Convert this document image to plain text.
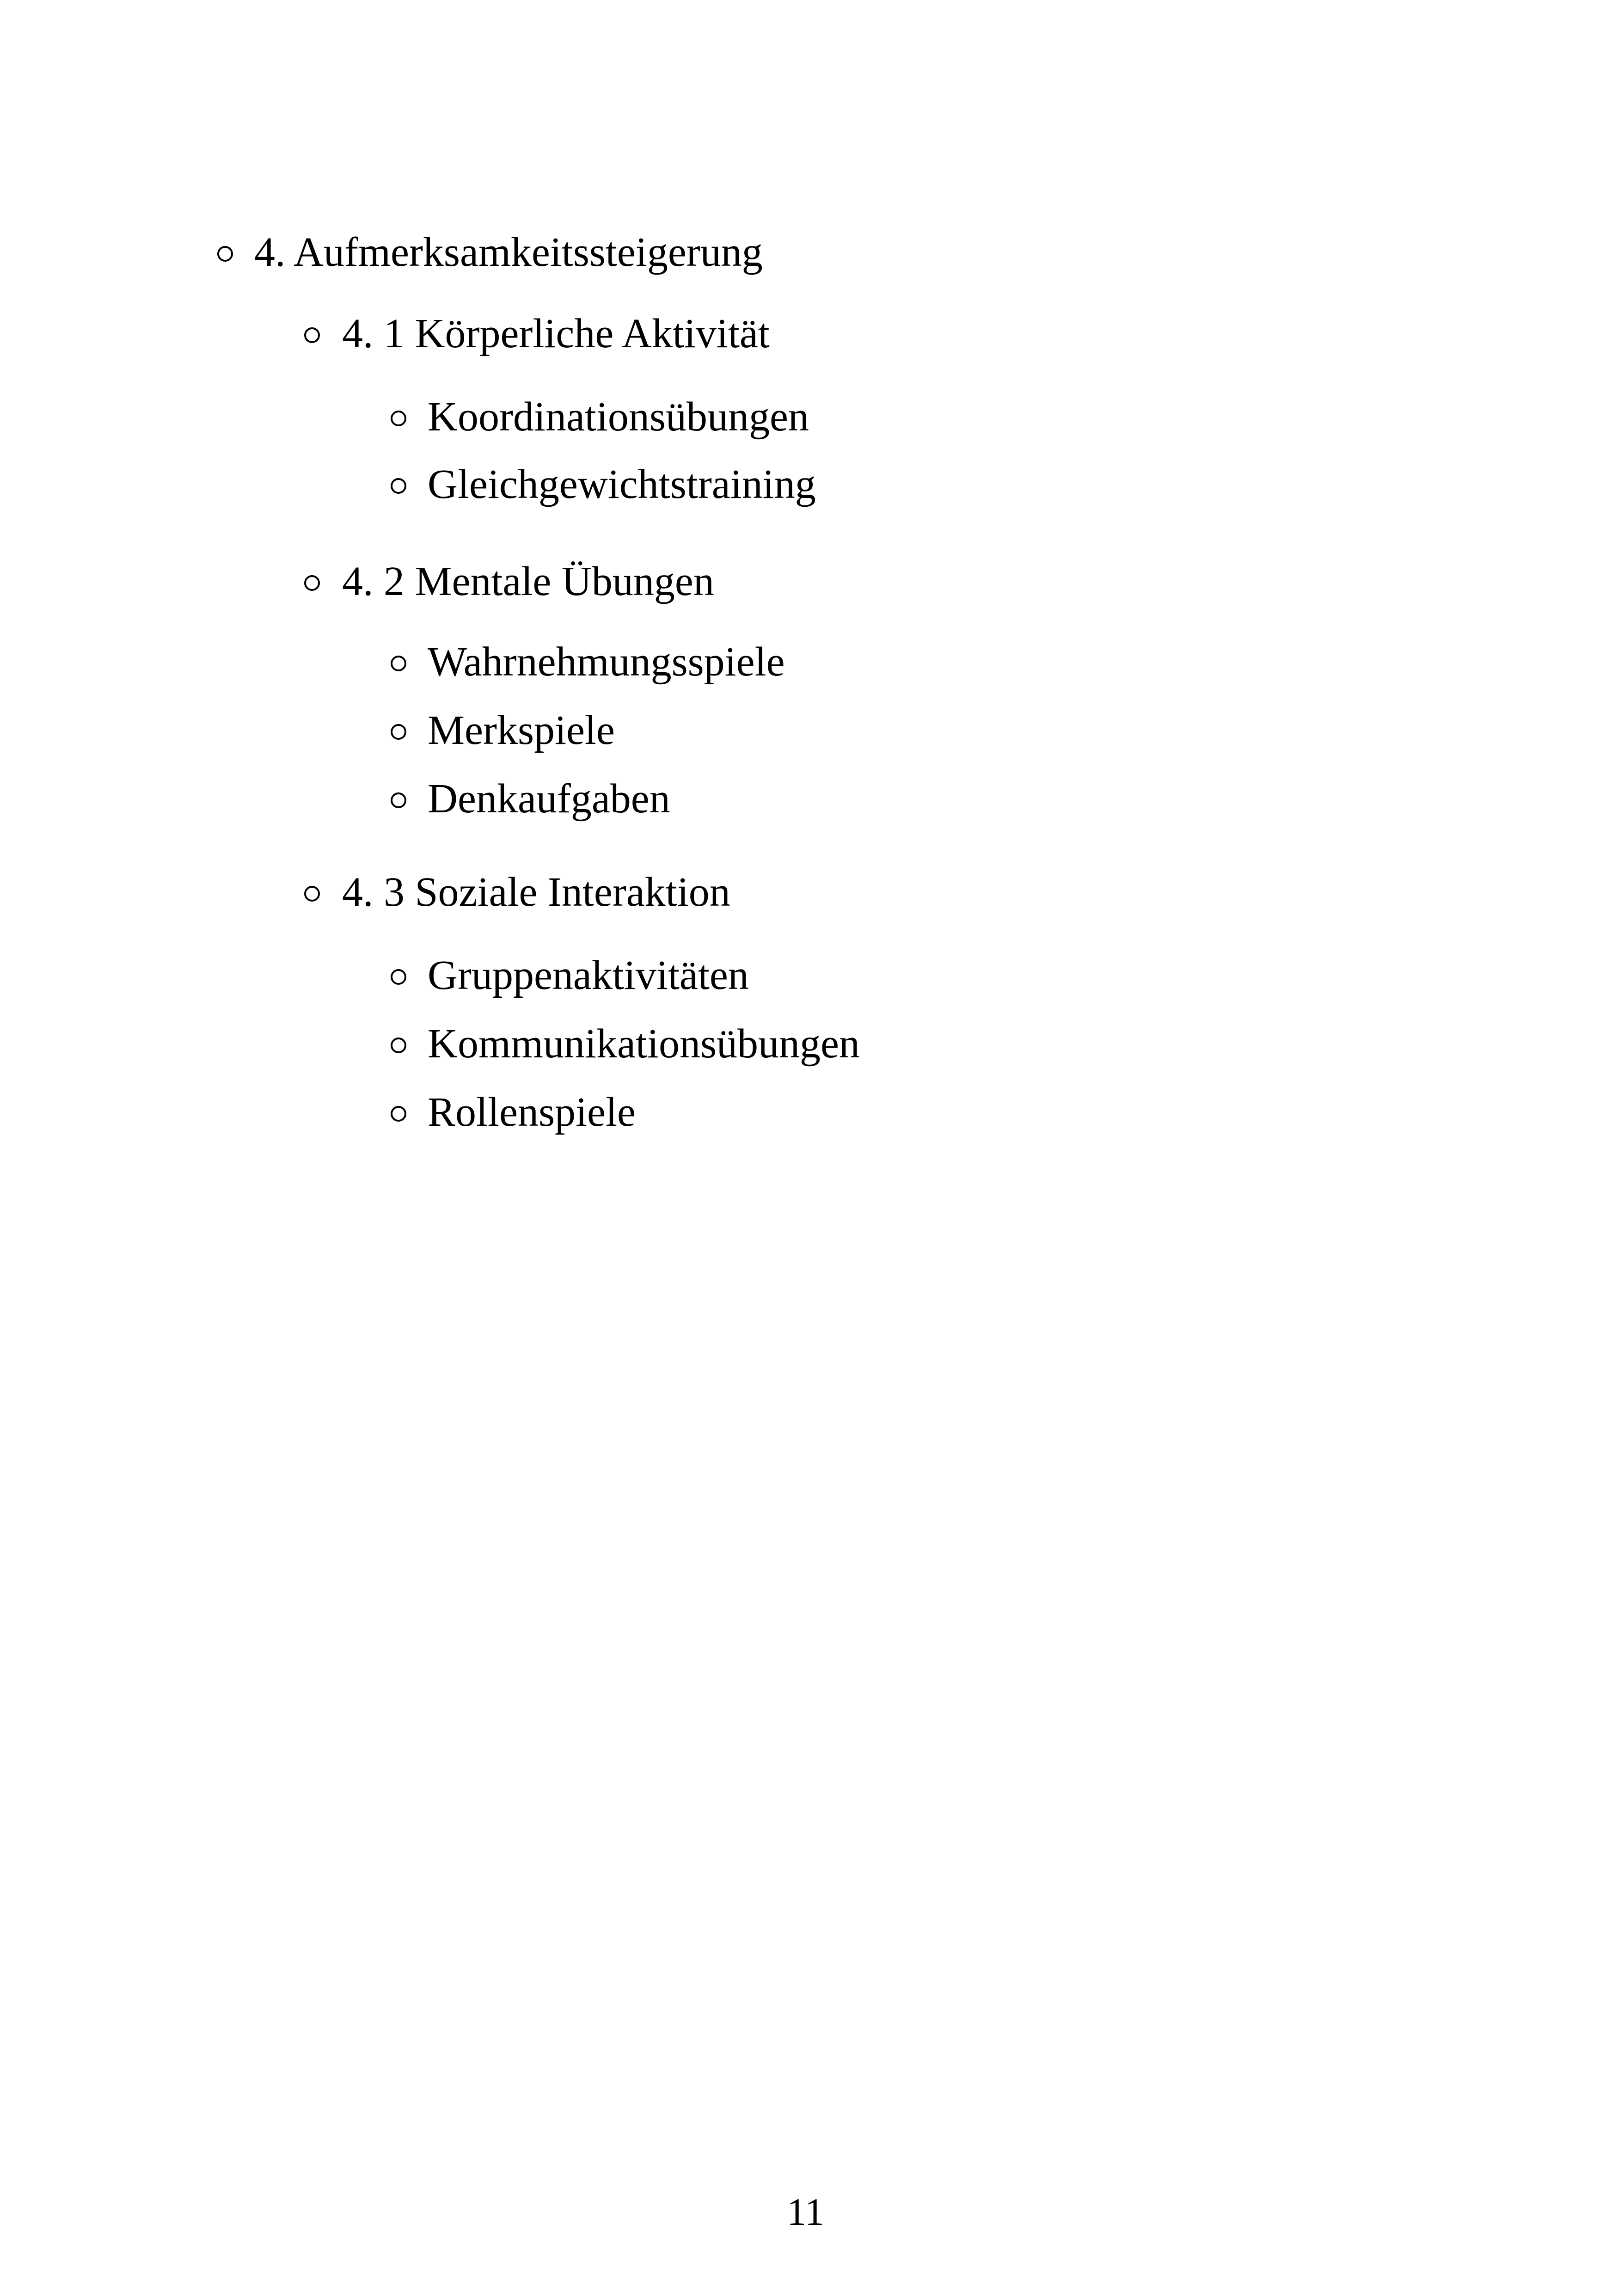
4. Aufmerksamkeitssteigerung
4. 1 Körperliche Aktivität
Koordinationsübungen
Gleichgewichtstraining
4. 2 Mentale Übungen
Wahrnehmungsspiele
Merkspiele
Denkaufgaben
4. 3 Soziale Interaktion
Gruppenaktivitäten
Kommunikationsübungen
Rollenspiele
11
